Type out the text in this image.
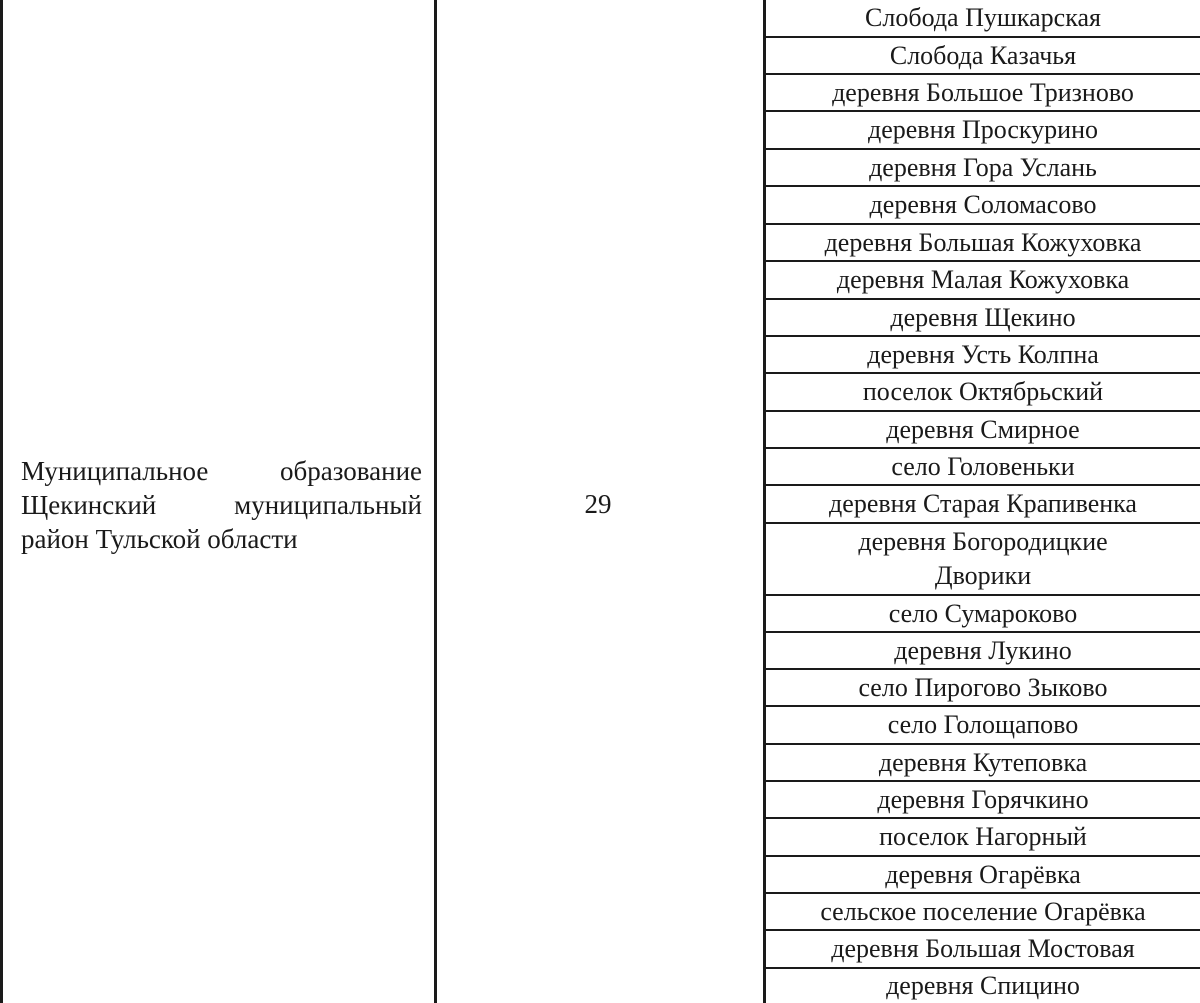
Муниципальное образование Щекинский муниципальный район Тульской области
29
Слобода Пушкарская
Слобода Казачья
деревня Большое Тризново
деревня Проскурино
деревня Гора Услань
деревня Соломасово
деревня Большая Кожуховка
деревня Малая Кожуховка
деревня Щекино
деревня Усть Колпна
поселок Октябрьский
деревня Смирное
село Головеньки
деревня Старая Крапивенка
деревня Богородицкие Дворики
село Сумароково
деревня Лукино
село Пирогово Зыково
село Голощапово
деревня Кутеповка
деревня Горячкино
поселок Нагорный
деревня Огарёвка
сельское поселение Огарёвка
деревня Большая Мостовая
деревня Спицино
